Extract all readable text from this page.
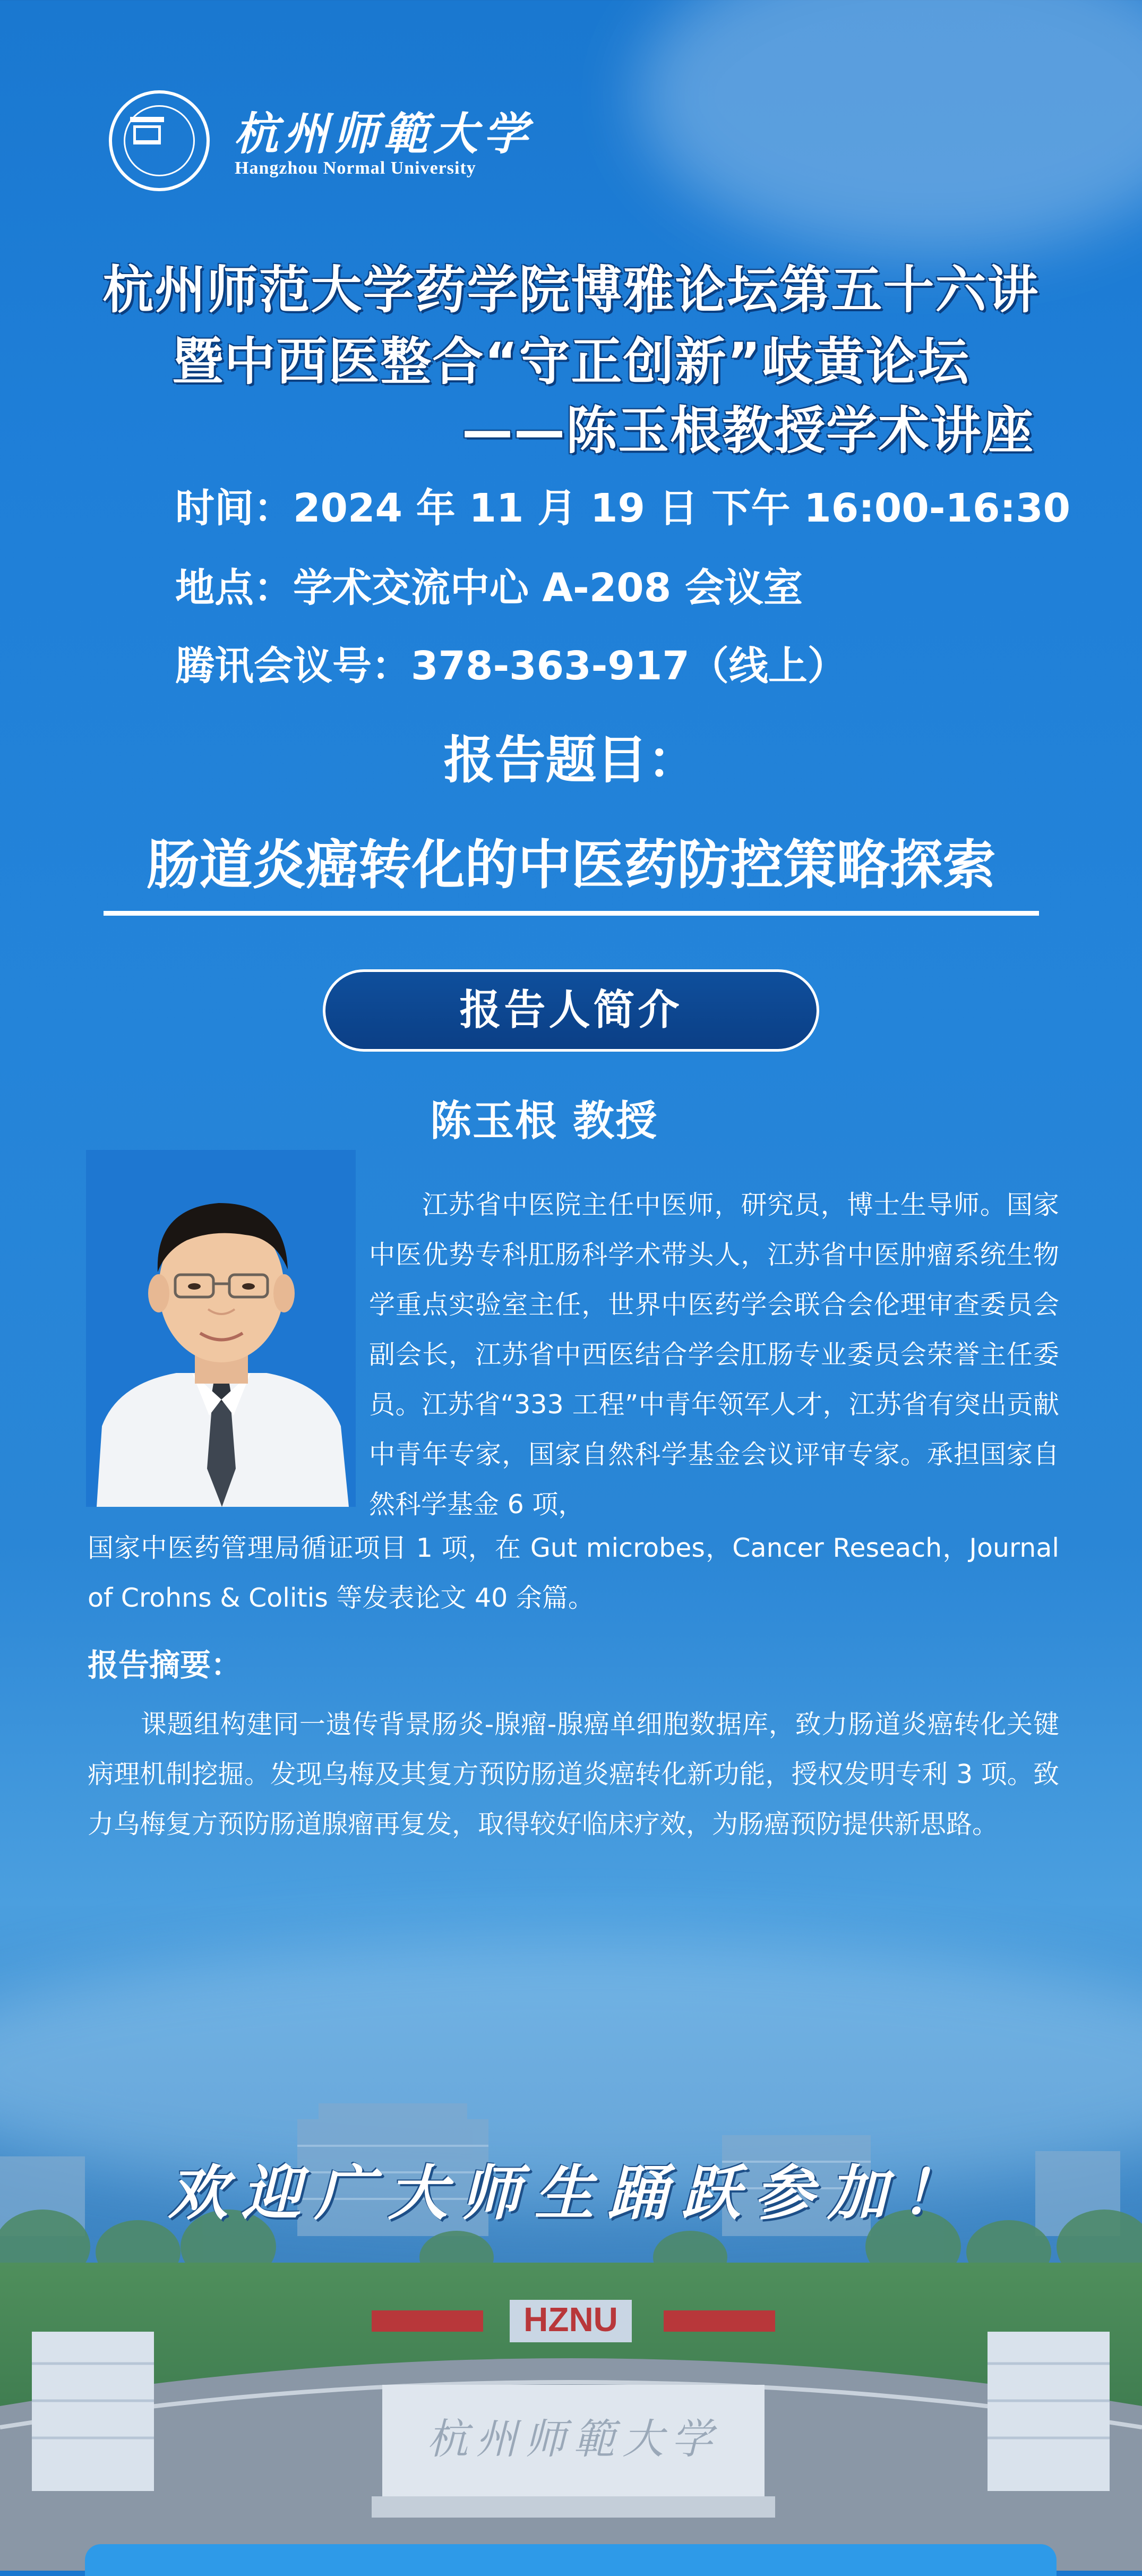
杭州师範大学
Hangzhou Normal University
杭州师范大学药学院博雅论坛第五十六讲
暨中西医整合“守正创新”岐黄论坛
——陈玉根教授学术讲座
时间：2024 年 11 月 19 日 下午 16:00-16:30
地点：学术交流中心 A-208 会议室
腾讯会议号：378-363-917（线上）
报告题目：
肠道炎癌转化的中医药防控策略探索
报告人简介
陈玉根 教授
江苏省中医院主任中医师，研究员，博士生导师。国家中医优势专科肛肠科学术带头人，江苏省中医肿瘤系统生物学重点实验室主任，世界中医药学会联合会伦理审查委员会副会长，江苏省中西医结合学会肛肠专业委员会荣誉主任委员。江苏省“333 工程”中青年领军人才，江苏省有突出贡献中青年专家，国家自然科学基金会议评审专家。承担国家自然科学基金 6 项，
国家中医药管理局循证项目 1 项，在 Gut microbes，Cancer Reseach，Journal of Crohns & Colitis 等发表论文 40 余篇。
报告摘要：
课题组构建同一遗传背景肠炎-腺瘤-腺癌单细胞数据库，致力肠道炎癌转化关键病理机制挖掘。发现乌梅及其复方预防肠道炎癌转化新功能，授权发明专利 3 项。致力乌梅复方预防肠道腺瘤再复发，取得较好临床疗效，为肠癌预防提供新思路。
HZNU
杭州师範大学
欢迎广大师生踊跃参加！
